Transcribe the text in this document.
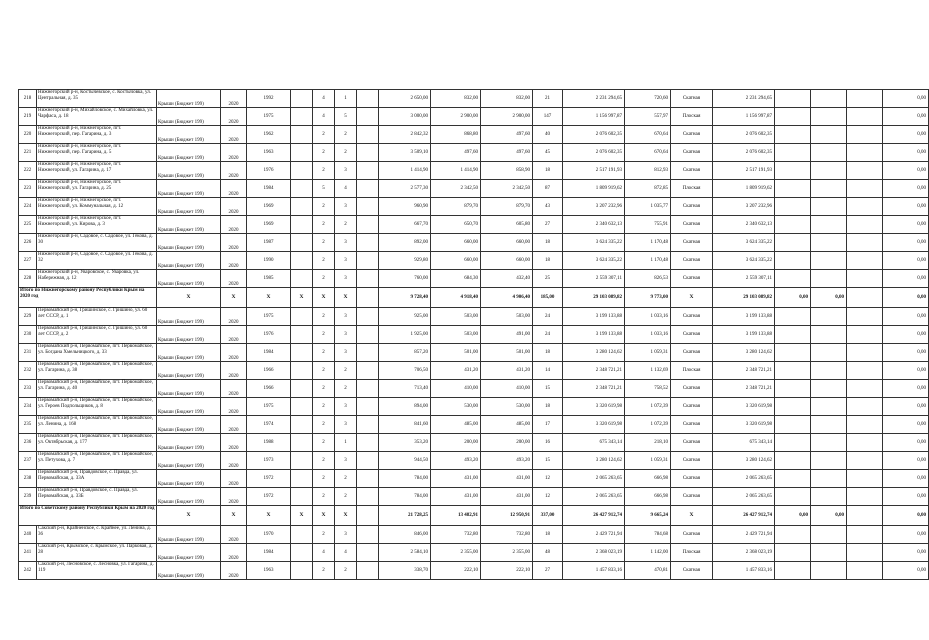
218	Нижнегорский р-н, Костычевское, с. Костычовка, ул. Центральная, д. 35	Крыши (Бюджет 199)	2020	1992		4	1		2 650,00	832,00	832,00	21	2 231 294,65	720,60	Скатная	2 231 294,65				0,00
219	Нижнегорский р-н, Михайловское, с. Михайловка, ул. Чарфаса, д. 18	Крыши (Бюджет 199)	2020	1975		4	5		3 000,00	2 900,00	2 900,00	147	1 156 997,87	557,97	Плоская	1 156 997,87				0,00
220	Нижнегорский р-н, Нижнегорское, пгт. Нижнегорский, пер. Гагарина, д. 3	Крыши (Бюджет 199)	2020	1962		2	2		2 842,32	868,80	497,60	40	2 076 602,35	670,64	Скатная	2 076 602,35				0,00
221	Нижнегорский р-н, Нижнегорское, пгт. Нижнегорский, пер. Гагарина, д. 5	Крыши (Бюджет 199)	2020	1963		2	2		3 509,10	497,60	497,60	45	2 076 602,35	670,64	Скатная	2 076 602,35				0,00
222	Нижнегорский р-н, Нижнегорское, пгт. Нижнегорский, ул. Гагарина, д. 17	Крыши (Бюджет 199)	2020	1976		2	3		1 414,90	1 414,90	858,90	18	2 517 191,93	812,93	Скатная	2 517 191,93				0,00
223	Нижнегорский р-н, Нижнегорское, пгт. Нижнегорский, ул. Гагарина, д. 25	Крыши (Бюджет 199)	2020	1984		5	4		2 577,30	2 342,50	2 342,50	87	1 809 919,62	872,85	Плоская	1 809 919,62				0,00
224	Нижнегорский р-н, Нижнегорское, пгт. Нижнегорский, ул. Коммунальная, д. 12	Крыши (Бюджет 199)	2020	1969		2	3		960,90	879,70	879,70	43	3 207 232,96	1 035,77	Скатная	3 207 232,96				0,00
225	Нижнегорский р-н, Нижнегорское, пгт. Нижнегорский, ул. Кирова, д. 3	Крыши (Бюджет 199)	2020	1969		2	2		667,70	650,70	605,80	27	2 340 632,13	755,91	Скатная	2 340 632,13				0,00
226	Нижнегорский р-н, Садовое, с. Садовое, ул. Гекова, д. 30	Крыши (Бюджет 199)	2020	1987		2	3		892,00	660,00	660,00	18	3 624 335,22	1 170,48	Скатная	3 624 335,22				0,00
227	Нижнегорский р-н, Садовое, с. Садовое, ул. Гекова, д. 32	Крыши (Бюджет 199)	2020	1990		2	3		929,80	660,00	660,00	18	3 624 335,22	1 170,48	Скатная	3 624 335,22				0,00
228	Нижнегорский р-н, Уваровское, с. Уваровка, ул. Набережная, д. 12	Крыши (Бюджет 199)	2020	1985		2	3		760,00	684,30	432,40	25	2 559 307,11	826,53	Скатная	2 559 307,11				0,00
Итого по Нижнегорскому району Республики Крым на 2020 год		X	X	X	X	X	X		9 728,40	4 918,40	4 906,40	185,00	29 103 089,82	9 773,00	X	29 103 089,82	0,00	0,00		0,00
229	Первомайский р-н, Гришинское, с. Гришино, ул. 60 лет СССР, д. 1	Крыши (Бюджет 199)	2020	1975		2	3		925,00	503,00	503,00	24	3 199 133,88	1 033,16	Скатная	3 199 133,88				0,00
230	Первомайский р-н, Гришинское, с. Гришино, ул. 60 лет СССР, д. 2	Крыши (Бюджет 199)	2020	1976		2	3		1 925,00	503,00	491,00	24	3 199 133,88	1 033,16	Скатная	3 199 133,88				0,00
231	Первомайский р-н, Первомайское, пгт. Первомайское, ул. Богдана Хмельницкого, д. 33	Крыши (Бюджет 199)	2020	1984		2	3		857,20	501,00	501,00	18	3 280 124,62	1 059,31	Скатная	3 280 124,62				0,00
232	Первомайский р-н, Первомайское, пгт. Первомайское, ул. Гагарина, д. 38	Крыши (Бюджет 199)	2020	1966		2	2		706,50	431,20	431,20	14	2 348 721,21	1 132,69	Плоская	2 348 721,21				0,00
233	Первомайский р-н, Первомайское, пгт. Первомайское, ул. Гагарина, д. 40	Крыши (Бюджет 199)	2020	1966		2	2		713,40	410,00	410,00	15	2 348 721,21	758,52	Скатная	2 348 721,21				0,00
234	Первомайский р-н, Первомайское, пгт. Первомайское, ул. Героев Подпольщиков, д. 8	Крыши (Бюджет 199)	2020	1975		2	3		894,00	530,00	530,00	18	3 320 619,98	1 072,39	Скатная	3 320 619,98				0,00
235	Первомайский р-н, Первомайское, пгт. Первомайское, ул. Ленина, д. 168	Крыши (Бюджет 199)	2020	1974		2	3		841,60	485,00	485,00	17	3 320 619,98	1 072,39	Скатная	3 320 619,98				0,00
236	Первомайский р-н, Первомайское, пгт. Первомайское, ул. Октябрьская, д. 177	Крыши (Бюджет 199)	2020	1988		2	1		353,20	200,00	200,00	16	675 343,14	218,10	Скатная	675 343,14				0,00
237	Первомайский р-н, Первомайское, пгт. Первомайское, ул. Петухова, д. 7	Крыши (Бюджет 199)	2020	1973		2	3		944,50	493,20	493,20	15	3 280 124,62	1 059,31	Скатная	3 280 124,62				0,00
238	Первомайский р-н, Правдовское, с. Правда, ул. Первомайская, д. 33А	Крыши (Бюджет 199)	2020	1972		2	2		784,00	431,00	431,00	12	2 065 263,65	666,98	Скатная	2 065 263,65				0,00
239	Первомайский р-н, Правдовское, с. Правда, ул. Первомайская, д. 33Б	Крыши (Бюджет 199)	2020	1972		2	2		784,00	431,00	431,00	12	2 065 263,65	666,98	Скатная	2 065 263,65				0,00
Итого по Советскому району Республики Крым на 2020 год		X	X	X	X	X	X		21 728,25	13 482,91	12 950,91	337,00	26 427 912,74	9 665,24	X	26 427 912,74	0,00	0,00		0,00
240	Сакский р-н, Крайненское, с. Крайнее, ул. Ленина, д. 36	Крыши (Бюджет 199)	2020	1970		2	3		846,00	732,80	732,80	18	2 429 721,94	784,68	Скатная	2 429 721,94				0,00
241	Сакский р-н, Крымское, с. Крымское, ул. Парковая, д. 28	Крыши (Бюджет 199)	2020	1984		4	4		2 584,10	2 355,00	2 355,00	48	2 368 023,19	1 142,00	Плоская	2 368 023,19				0,00
242	Сакский р-н, Лесновское, с. Лесновка, ул. Гагарина, д. 119	Крыши (Бюджет 199)	2020	1963		2	2		338,70	222,10	222,10	27	1 457 833,16	470,81	Скатная	1 457 833,16				0,00
